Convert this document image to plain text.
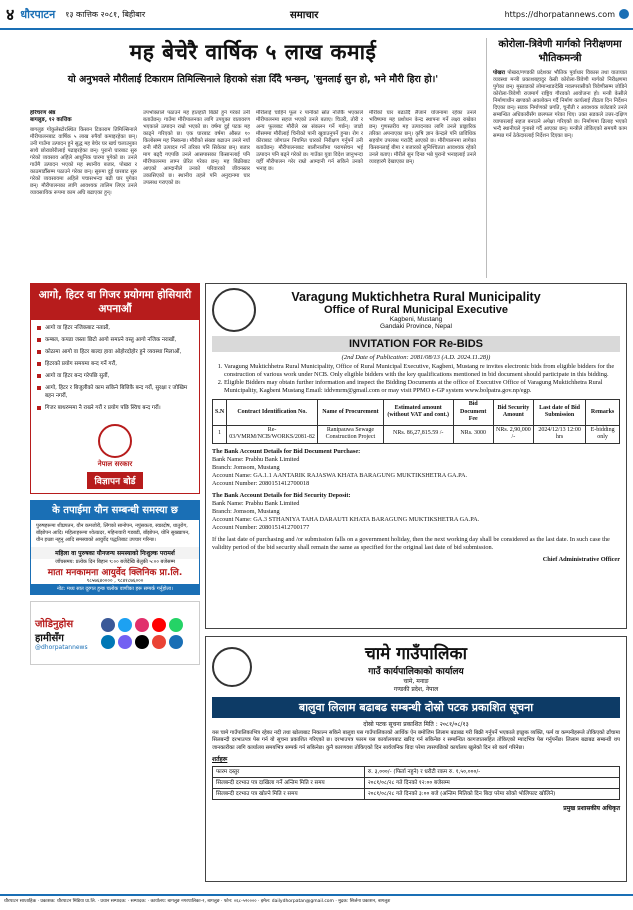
४ धौरपाटन १३ कात्तिक २०८१, बिहीबार	समाचार	https://dhorpatannews.com
मह बेचेरै वार्षिक ५ लाख कमाई
यो अनुभवले मौरीलाई टिकाराम तिमिल्सिनाले हिराको संज्ञा दिँदै भन्छन्, 'सुनलाई सुन हो, भने मौरी हिरा हो।'
हरिचरण श्रेष्ठ
बागलुङ, १२ कात्तिक
बागलुङ गोकुलेस्टोरस्थित किसान टिकाराम तिमिल्सिनाले मौरीपालनबाट वार्षिक ५ लाख रुपैयाँ कमाइरहेका छन्। उनी गाउँमा उत्पादन हुने सुद्ध मह बेचेर घर खर्च चलाउनुका साथै छोराछोरीलाई पढाइरहेका छन्। पुरानो घारबाट सुरु गरेको व्यवसाय अहिले आधुनिक घारमा पुगेको छ। उनले गाउँमै उत्पादन भएको मह स्थानीय बजार, पोखरा र काठमाडौँसम्म पठाउने गरेका छन्। सुरुमा दुई घारबाट सुरु गरेको व्यवसायमा अहिले पचासभन्दा बढी घार पुगेका छन्। मौरीपालनका लागि आवश्यक तालिम लिएर उनले व्यावसायिक रूपमा काम अघि बढाएका हुन्।
उपभोक्ताले पठाउने मह हातहातै बिक्री हुने गरेको उनी बताउँछन्। गाउँमा मौरीपालनका लागि उपयुक्त वातावरण भएकाले उत्पादन राम्रो भएको छ। वर्षमा दुई पटक मह काढ्ने गरिएको छ। एक घारबाट वर्षमा औसत १० किलोसम्म मह निस्कन्छ। मौरीको संख्या बढाउन उनले नयाँ रानी मौरी उत्पादन गर्ने तरिका पनि सिकेका छन्। बजार माग बढ्दै गएपछि उनले आसपासका किसानलाई पनि मौरीपालनमा लाग्न प्रेरित गरेका छन्। मह बिक्रीबाट आएको आम्दानीले उनको परिवारको जीवनस्तर उकासिएको छ। स्थानीय तहले पनि अनुदानमा घार उपलब्ध गराएको छ।
मौरीलाई चाहिने फूल र पानीको स्रोत नजिकै भएकाले मौरीपालनमा सहज भएको उनले बताए। चिउरी, तोरी र अन्य फूलबाट मौरीले रस संकलन गर्ने गर्छन्। जाडो मौसममा मौरीलाई चिनीको पानी खुवाउनुपर्ने हुन्छ। रोग र कीराबाट जोगाउन नियमित घारको निरीक्षण गर्नुपर्ने उनी बताउँछन्। मौरीपालनबाट बालीनालीमा परागसेचन भई उत्पादन पनि बढ्ने गरेको छ। गाउँका युवा विदेश जानुभन्दा यहीँ मौरीपालन गरेर राम्रो आम्दानी गर्न सकिने उनको भनाइ छ।
मौरीको घार बढाउँदै लैजाने योजनामा रहेका उनले भविष्यमा मह प्रशोधन केन्द्र स्थापना गर्ने लक्ष्य राखेका छन्। गुणस्तरीय मह उत्पादनका लागि उनले प्राङ्गारिक तरिका अपनाएका छन्। कृषि ज्ञान केन्द्रले पनि प्राविधिक सहयोग उपलब्ध गराउँदै आएको छ। मौरीपालनमा लागेका किसानलाई बीमा र बजारको सुनिश्चितता आवश्यक रहेको उनले बताए। मौरीले सुन दिन्छ भन्ने पुरानो भनाइलाई उनले व्यवहारमै देखाएका छन्।
कोरोला-त्रिवेणी मार्गको निरीक्षणमा भौतिकमन्त्री

पोखरा पोखरा/गण्डकी प्रदेशका भौतिक पूर्वाधार विकास तथा यातायात व्यवस्था मन्त्री प्रकाशबहादुर केसी कोरोला-त्रिवेणी मार्गको निरीक्षणमा पुगेका छन्। मुस्ताङको लोमान्थाङदेखि नवलपरासीको त्रिवेणीसम्म जोडिने कोरोला-त्रिवेणी राजमार्ग राष्ट्रिय गौरवको आयोजना हो। मन्त्री केसीले निर्माणाधीन खण्डको अवलोकन गर्दै निर्माण कार्यलाई तीव्रता दिन निर्देशन दिएका छन्। सडक निर्माणको प्रगति, चुनौती र आवश्यक बजेटबारे उनले सम्बन्धित अधिकारीसँग छलफल गरेका थिए। उक्त सडकले उत्तर-दक्षिण व्यापारलाई सहज बनाउने अपेक्षा गरिएको छ। निर्माणमा ढिलाइ भएको भन्दै स्थानीयले गुनासो गर्दै आएका छन्। मन्त्रीले तोकिएको समयमै काम सम्पन्न गर्न ठेकेदारलाई निर्देशन दिएका छन्।

आगो, हिटर वा गिजर प्रयोगमा होसियारी अपनाऔं
आगो वा हिटर नजिकबाट नताप्नौं,
कम्बल, कपडा जस्ता छिटो आगो समात्ने वस्तु आगो नजिक नराखौं,
कोठामा आगो वा हिटर बाल्दा हावा ओहोरदोहोर हुने व्यवस्था मिलाऔं,
हिटरको प्रयोग समयमा बन्द गर्ने गरौं,
आगो वा हिटर बन्द गरेपछि सुतौं,
आगो, हिटर र बिजुलीको काम सकिने बित्तिकै बन्द गरौं, सुरक्षा र जोखिम बहन नगरौं,
गिजर बाथरुममा नै राख्ने गरौं र प्रयोग पछि स्विच बन्द गरौं।
नेपाल सरकार
विज्ञापन बोर्ड
के तपाईमा यौन सम्बन्धी समस्या छ
पुरुषहरूमा शीघ्रपतन, यौन कमजोरी, लिंगको सानोपन, नपुंसकता, स्वप्नदोष, धातुरोग, बाँझोपन आदि। महिलाहरूमा श्वेतप्रदर, महिनावारी गडबडी, बाँझोपन, योनि सुख्खापन, यौन इच्छा नहुनु आदि समस्याको आयुर्वेद पद्धतिबाट उपचार गरिन्छ।
महिला वा पुरुषका यौनजन्य समस्याको निःशुल्क परामर्श
जाँचसमय: प्रत्येक दिन बिहान ९:०० बजेदेखि बेलुकी ५:०० बजेसम्म
माता मनकामना आयुर्वेद क्लिनिक प्रा.लि.
९८५७६४०००० , ९८४१८७६०००
नोट: मध्य सात दूरगत हुन्छ चलोक वाणीका हरू सम्पर्क गर्नुहोला।
जोडिनुहोस
हामीसँग
@dhorpatannews
Varagung Muktichhetra Rural Municipality
Office of Rural Municipal Executive
Kagbeni, Mustang
Gandaki Province, Nepal
INVITATION FOR Re-BIDS
(2nd Date of Publication: 2081/08/13 (A.D. 2024.11.28))
1. Varagung Muktichhetra Rural Municipality, Office of Rural Municipal Executive, Kagbeni, Mustang re invites electronic bids from eligible bidders for the construction of various work under NCB. Only eligible bidders with the key qualifications mentioned in bid document should participate in this bidding.
2. Eligible Bidders may obtain further information and inspect the Bidding Documents at the office of Executive Office of Varagung Muktichhetra Rural Municipality, Kagbeni Mustang Email: iddvmrm@gmail.com or may visit PPMO e-GP system www.bolpatra.gov.np/egp.
S.N	Contract Identification No.	Name of Procurement	Estimated amount (without VAT and cont.)	Bid Document Fee	Bid Security Amount	Last date of Bid Submission	Remarks
1	Re-03/VMRM/NCB/WORKS/2081-82	Ranipauwa Sewage Construction Project	NRs. 86,27,815.59 /-	NRs. 3000	NRs. 2,90,000 /-	2024/12/13 12:00 hrs	E-bidding only
The Bank Account Details for Bid Document Purchase:
Bank Name: Prabhu Bank Limited
Branch: Jomsom, Mustang
Account Name: GA.1.1 AANTARIK RAJASWA KHATA BARAGUNG MUKTIKSHETRA GA.PA.
Account Number: 2080151412700018
The Bank Account Details for Bid Security Deposit:
Bank Name: Prabhu Bank Limited
Branch: Jomsom, Mustang
Account Name: GA.3 STHANIYA TAHA DARAUTI KHATA BARAGUNG MUKTIKSHETRA GA.PA.
Account Number: 2080151412700177
If the last date of purchasing and /or submission falls on a government holiday, then the next working day shall be considered as the last date. In such case the validity period of the bid security shall remain the same as specified for the original last date of bid submission.
Chief Administrative Officer
चामे गाउँपालिका
गाउँ कार्यपालिकाको कार्यालय
चामे, मनाङ
गण्डकी प्रदेश, नेपाल
बालुवा लिलाम बढाबढ सम्बन्धी दोस्रो पटक प्रकाशित सूचना
दोस्रो पटक सूचना प्रकाशित मिति : २०८१/०८/१३
यस चामे गाउँपालिकाभित्र रहेका नदी तथा खोलाबाट निकाल्न सकिने बालुवा यस गाउँपालिकाको आर्थिक ऐन बमोजिम लिलाम बढाबढ गरी बिक्री गर्नुपर्ने भएकाले इच्छुक व्यक्ति, फर्म वा कम्पनीहरूले तोकिएको ढाँचामा सिलबन्दी दरभाउपत्र पेस गर्न यो सूचना प्रकाशित गरिएको छ। दरभाउपत्र फारम यस कार्यालयबाट खरिद गर्न सकिनेछ र सम्बन्धित कागजातसहित तोकिएको म्यादभित्र पेस गर्नुपर्नेछ। लिलाम बढाबढ सम्बन्धी थप जानकारीका लागि कार्यालय समयभित्र सम्पर्क गर्न सकिनेछ। कुनै कारणवश तोकिएको दिन सार्वजनिक बिदा परेमा त्यसपछिको कार्यालय खुलेको दिन सो कार्य गरिनेछ।
शर्तहरू
फारम दस्तुर	रु. ३,०००/- (फिर्ता नहुने) र धरौटी रकम रु. १,५०,०००/-
सिलबन्दी दरभाउ पत्र दाखिला गर्ने अन्तिम मिति र समय	२०८१/०८/२८ गते दिनको १२:०० बजेसम्म
सिलबन्दी दरभाउ पत्र खोल्ने मिति र समय	२०८१/०८/२८ गते दिनको ३:०० बजे (अन्तिम मितिको दिन बिदा परेमा सोको भोलिपल्ट खोलिने)
प्रमुख प्रशासकीय अधिकृत
धौरपाटन साप्ताहिक · प्रकाशक: धौरपाटन मिडिया प्रा.लि. · प्रधान सम्पादक: · सम्पादक: · कार्यालय: बागलुङ नगरपालिका-२, बागलुङ · फोन: ०६८-५२०००० · इमेल: dailydhorpatan@gmail.com · मुद्रक: सिर्जना प्रकाशन, बागलुङ
